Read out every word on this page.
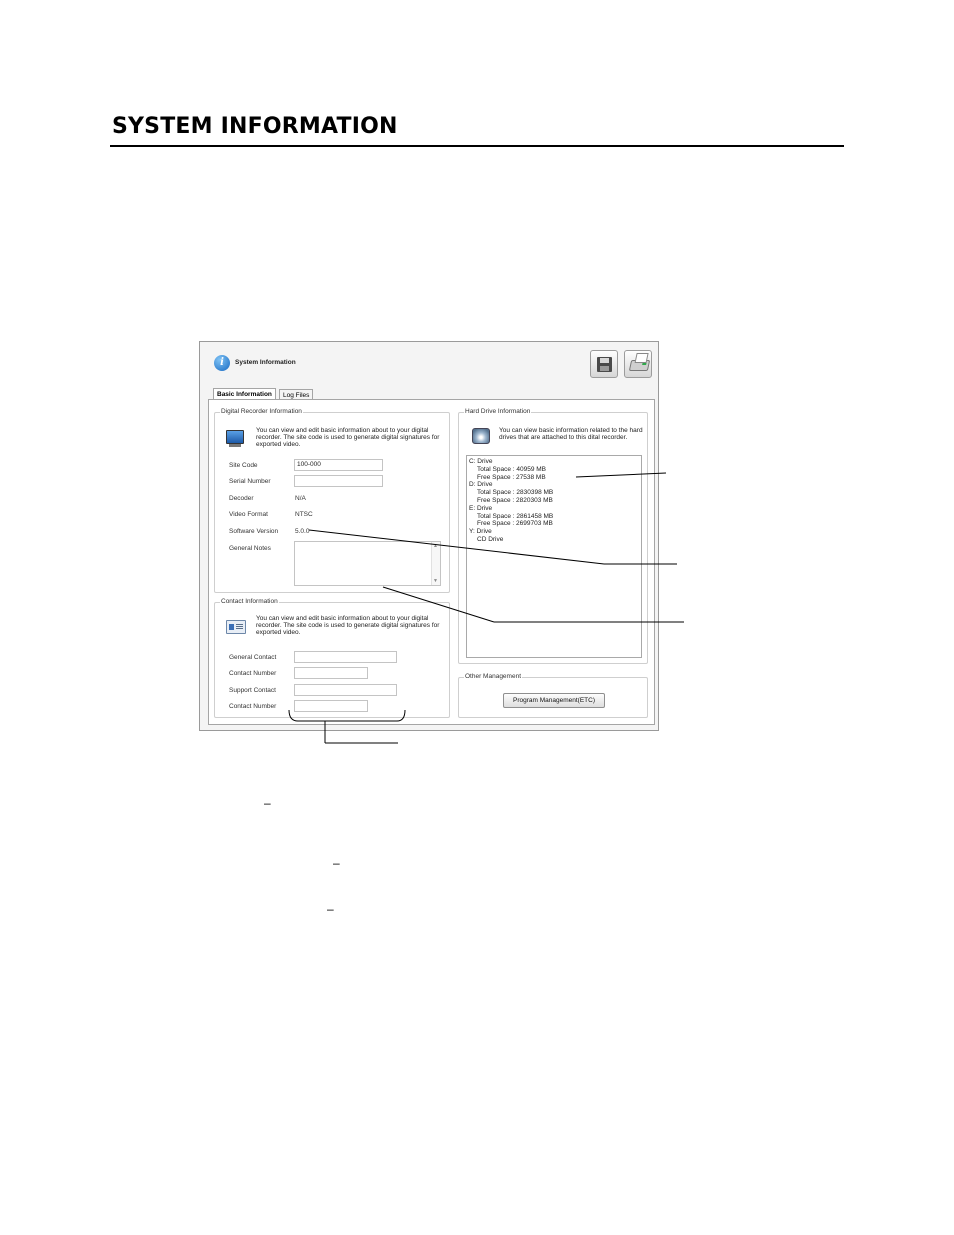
SYSTEM INFORMATION
i	System Information
Basic Information	Log Files
Digital Recorder Information
You can view and edit basic information about to your digital recorder. The site code is used to generate digital signatures for exported video.
Site Code	100-000
Serial Number
Decoder	N/A
Video Format	NTSC
Software Version	5.0.0
General Notes	▲
▼
Contact Information
You can view and edit basic information about to your digital recorder. The site code is used to generate digital signatures for exported video.
General Contact
Contact Number
Support Contact
Contact Number
Hard Drive Information
You can view basic information related to the hard drives that are attached to this dital recorder.
C: Drive
Total Space : 40959 MB
Free Space : 27538 MB
D: Drive
Total Space : 2830398 MB
Free Space : 2820303 MB
E: Drive
Total Space : 2861458 MB
Free Space : 2699703 MB
Y: Drive
CD Drive
Other Management
Program Management(ETC)
–
–
–
